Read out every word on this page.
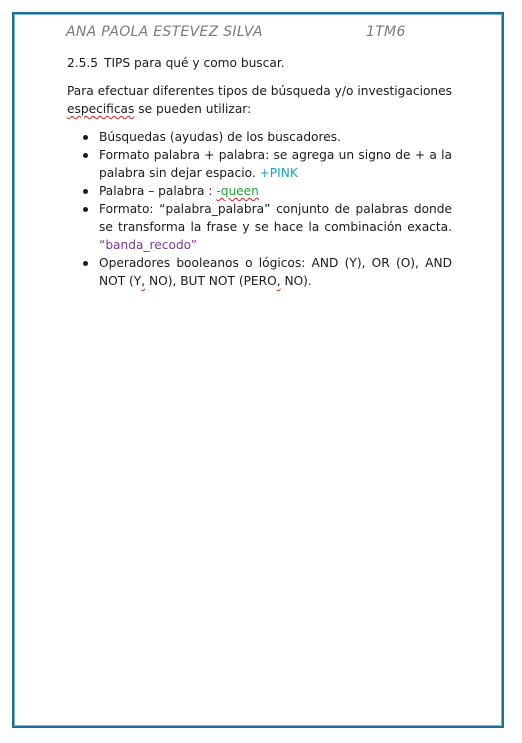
ANA PAOLA ESTEVEZ SILVA	1TM6

2.5.5 TIPS para qué y como buscar.

Para efectuar diferentes tipos de búsqueda y/o investigaciones especificas se pueden utilizar:

Búsquedas (ayudas) de los buscadores.
Formato palabra + palabra: se agrega un signo de + a la palabra sin dejar espacio. +PINK
Palabra – palabra : -queen
Formato: “palabra_palabra” conjunto de palabras donde se transforma la frase y se hace la combinación exacta. “banda_recodo”
Operadores booleanos o lógicos: AND (Y), OR (O), AND NOT (Y, NO), BUT NOT (PERO, NO).
